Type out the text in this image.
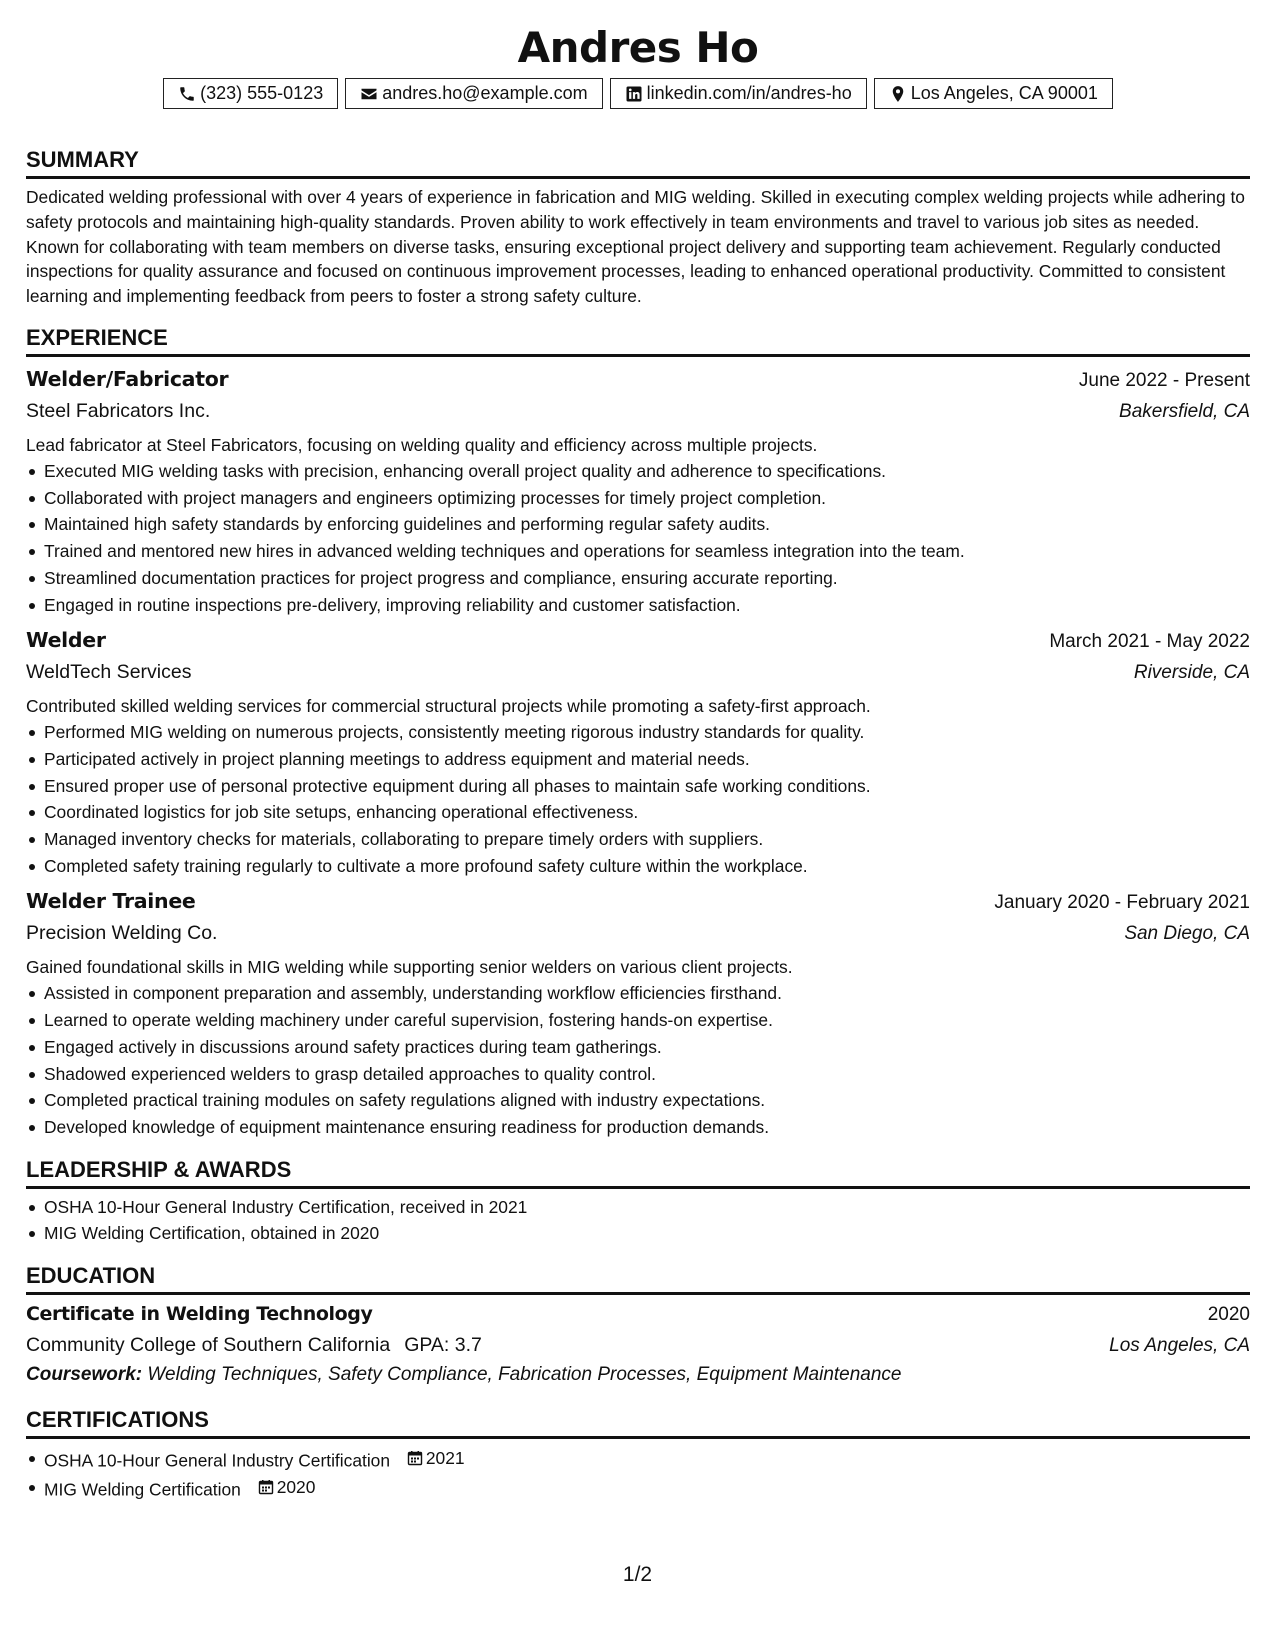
Andres Ho
(323) 555-0123	andres.ho@example.com	linkedin.com/in/andres-ho	Los Angeles, CA 90001
SUMMARY
Dedicated welding professional with over 4 years of experience in fabrication and MIG welding. Skilled in executing complex welding projects while adhering to safety protocols and maintaining high-quality standards. Proven ability to work effectively in team environments and travel to various job sites as needed. Known for collaborating with team members on diverse tasks, ensuring exceptional project delivery and supporting team achievement. Regularly conducted inspections for quality assurance and focused on continuous improvement processes, leading to enhanced operational productivity. Committed to consistent learning and implementing feedback from peers to foster a strong safety culture.
EXPERIENCE
Welder/Fabricator	June 2022 - Present
Steel Fabricators Inc.	Bakersfield, CA
Lead fabricator at Steel Fabricators, focusing on welding quality and efficiency across multiple projects.
Executed MIG welding tasks with precision, enhancing overall project quality and adherence to specifications.
Collaborated with project managers and engineers optimizing processes for timely project completion.
Maintained high safety standards by enforcing guidelines and performing regular safety audits.
Trained and mentored new hires in advanced welding techniques and operations for seamless integration into the team.
Streamlined documentation practices for project progress and compliance, ensuring accurate reporting.
Engaged in routine inspections pre-delivery, improving reliability and customer satisfaction.
Welder	March 2021 - May 2022
WeldTech Services	Riverside, CA
Contributed skilled welding services for commercial structural projects while promoting a safety-first approach.
Performed MIG welding on numerous projects, consistently meeting rigorous industry standards for quality.
Participated actively in project planning meetings to address equipment and material needs.
Ensured proper use of personal protective equipment during all phases to maintain safe working conditions.
Coordinated logistics for job site setups, enhancing operational effectiveness.
Managed inventory checks for materials, collaborating to prepare timely orders with suppliers.
Completed safety training regularly to cultivate a more profound safety culture within the workplace.
Welder Trainee	January 2020 - February 2021
Precision Welding Co.	San Diego, CA
Gained foundational skills in MIG welding while supporting senior welders on various client projects.
Assisted in component preparation and assembly, understanding workflow efficiencies firsthand.
Learned to operate welding machinery under careful supervision, fostering hands-on expertise.
Engaged actively in discussions around safety practices during team gatherings.
Shadowed experienced welders to grasp detailed approaches to quality control.
Completed practical training modules on safety regulations aligned with industry expectations.
Developed knowledge of equipment maintenance ensuring readiness for production demands.
LEADERSHIP & AWARDS
OSHA 10-Hour General Industry Certification, received in 2021
MIG Welding Certification, obtained in 2020
EDUCATION
Certificate in Welding Technology	2020
Community College of Southern California GPA: 3.7	Los Angeles, CA
Coursework: Welding Techniques, Safety Compliance, Fabrication Processes, Equipment Maintenance
CERTIFICATIONS
OSHA 10-Hour General Industry Certification 2021
MIG Welding Certification 2020
1/2
